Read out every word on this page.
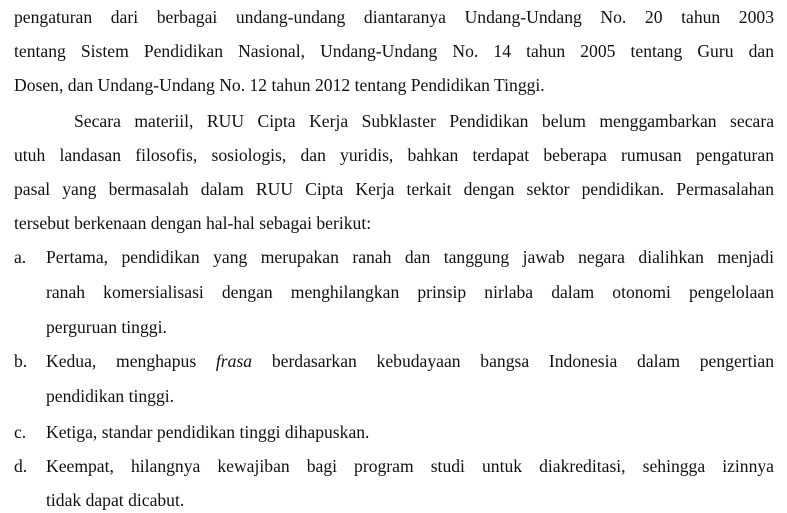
pengaturan dari berbagai undang-undang diantaranya Undang-Undang No. 20 tahun 2003
tentang Sistem Pendidikan Nasional, Undang-Undang No. 14 tahun 2005 tentang Guru dan
Dosen, dan Undang-Undang No. 12 tahun 2012 tentang Pendidikan Tinggi.
Secara materiil, RUU Cipta Kerja Subklaster Pendidikan belum menggambarkan secara
utuh landasan filosofis, sosiologis, dan yuridis, bahkan terdapat beberapa rumusan pengaturan
pasal yang bermasalah dalam RUU Cipta Kerja terkait dengan sektor pendidikan. Permasalahan
tersebut berkenaan dengan hal-hal sebagai berikut:
a. Pertama, pendidikan yang merupakan ranah dan tanggung jawab negara dialihkan menjadi
ranah komersialisasi dengan menghilangkan prinsip nirlaba dalam otonomi pengelolaan
perguruan tinggi.
b. Kedua, menghapus frasa berdasarkan kebudayaan bangsa Indonesia dalam pengertian
pendidikan tinggi.
c. Ketiga, standar pendidikan tinggi dihapuskan.
d. Keempat, hilangnya kewajiban bagi program studi untuk diakreditasi, sehingga izinnya
tidak dapat dicabut.
